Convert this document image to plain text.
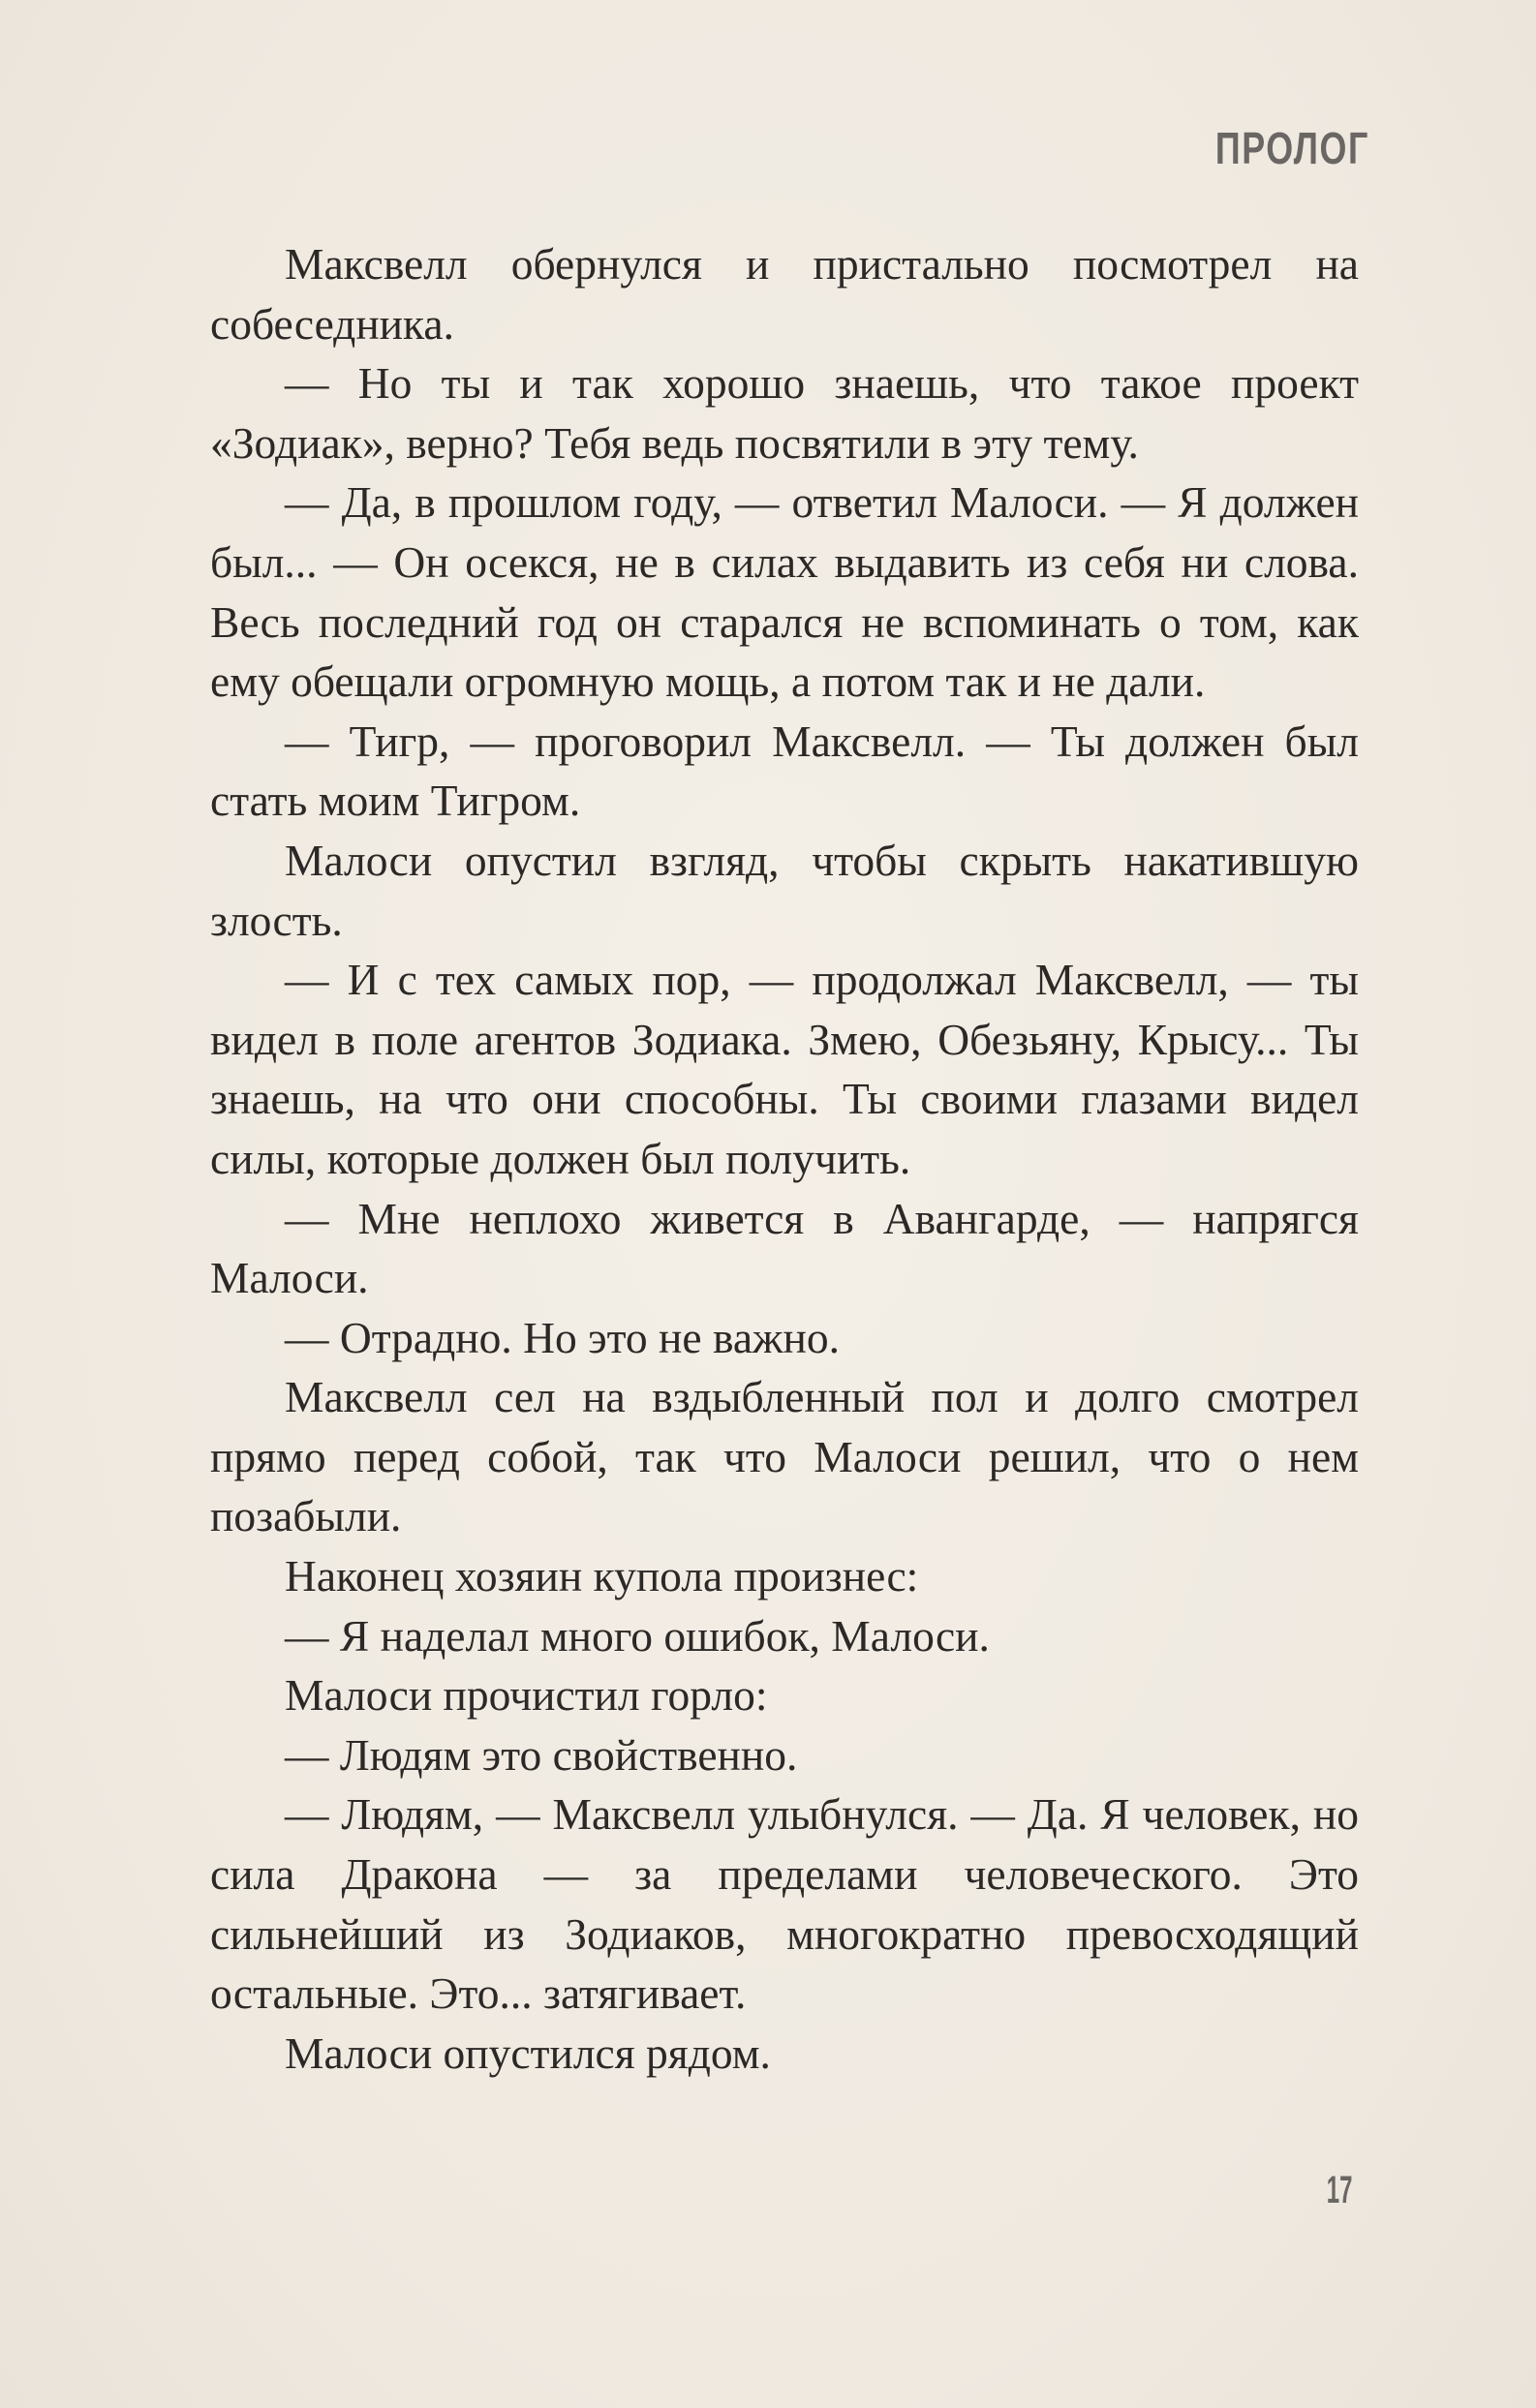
ПРОЛОГ

Максвелл обернулся и пристально посмотрел на собеседника.

— Но ты и так хорошо знаешь, что такое проект «Зодиак», верно? Тебя ведь посвятили в эту тему.

— Да, в прошлом году, — ответил Малоси. — Я должен был... — Он осекся, не в силах выдавить из себя ни слова. Весь последний год он старался не вспоминать о том, как ему обещали огромную мощь, а потом так и не дали.

— Тигр, — проговорил Максвелл. — Ты должен был стать моим Тигром.

Малоси опустил взгляд, чтобы скрыть накатившую злость.

— И с тех самых пор, — продолжал Максвелл, — ты видел в поле агентов Зодиака. Змею, Обезьяну, Крысу... Ты знаешь, на что они способны. Ты своими глазами видел силы, которые должен был получить.

— Мне неплохо живется в Авангарде, — напрягся Малоси.

— Отрадно. Но это не важно.

Максвелл сел на вздыбленный пол и долго смотрел прямо перед собой, так что Малоси решил, что о нем позабыли.

Наконец хозяин купола произнес:

— Я наделал много ошибок, Малоси.

Малоси прочистил горло:

— Людям это свойственно.

— Людям, — Максвелл улыбнулся. — Да. Я человек, но сила Дракона — за пределами человеческого. Это сильнейший из Зодиаков, многократно превосходящий остальные. Это... затягивает.

Малоси опустился рядом.

17
